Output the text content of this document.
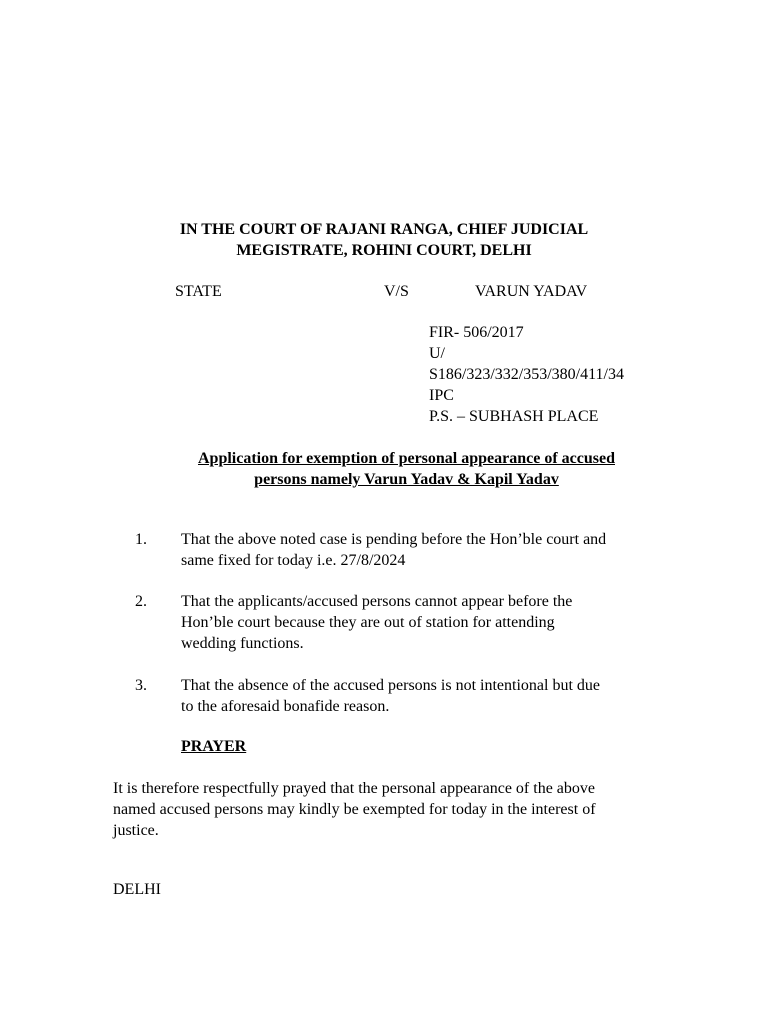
IN THE COURT OF RAJANI RANGA, CHIEF JUDICIAL
MEGISTRATE, ROHINI COURT, DELHI
STATE	V/S	VARUN YADAV
FIR- 506/2017
U/
S186/323/332/353/380/411/34
IPC
P.S. – SUBHASH PLACE
Application for exemption of personal appearance of accused
persons namely Varun Yadav & Kapil Yadav
1. That the above noted case is pending before the Hon’ble court and
same fixed for today i.e. 27/8/2024
2. That the applicants/accused persons cannot appear before the
Hon’ble court because they are out of station for attending
wedding functions.
3. That the absence of the accused persons is not intentional but due
to the aforesaid bonafide reason.
PRAYER
It is therefore respectfully prayed that the personal appearance of the above
named accused persons may kindly be exempted for today in the interest of
justice.
DELHI
